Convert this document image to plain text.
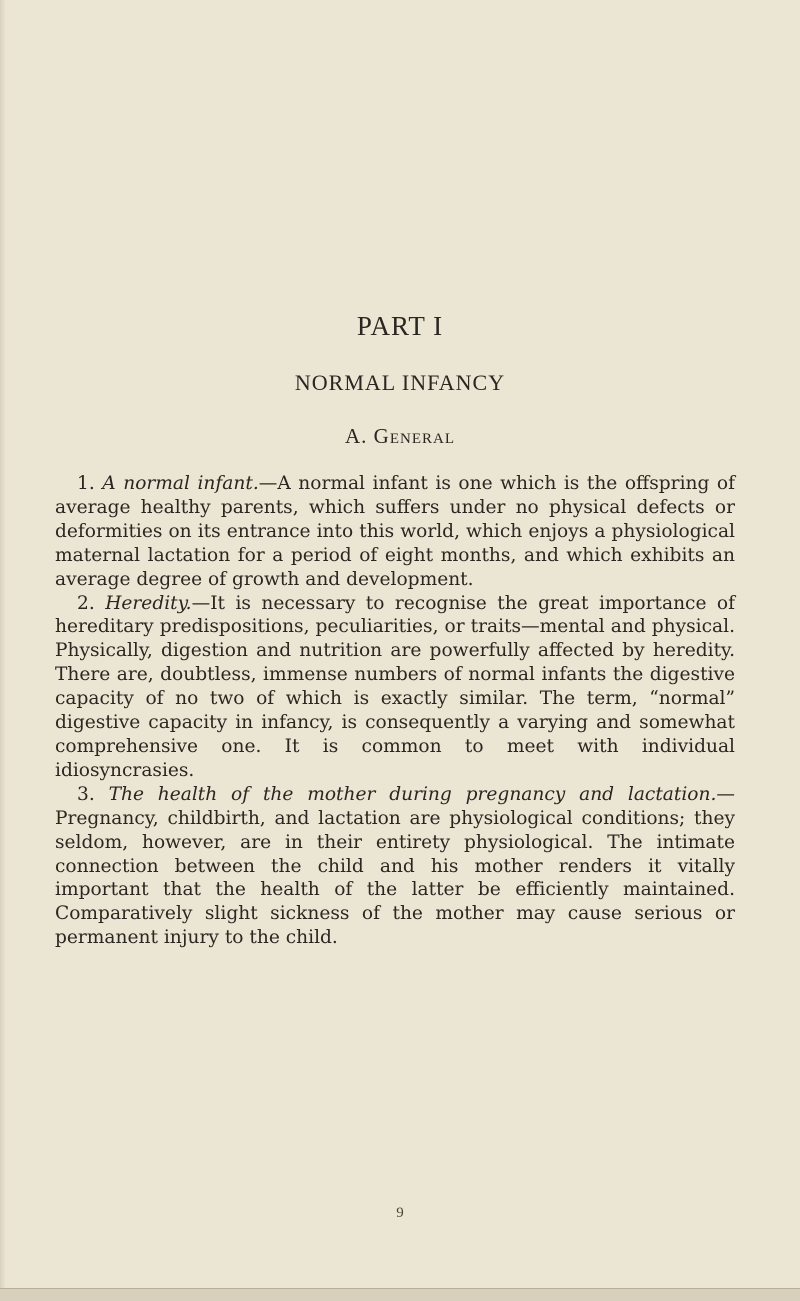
PART I
NORMAL INFANCY
A. General

1. A normal infant.—A normal infant is one which is the offspring of average healthy parents, which suffers under no physical defects or deformities on its entrance into this world, which enjoys a physiological maternal lactation for a period of eight months, and which exhibits an average degree of growth and development.

2. Heredity.—It is necessary to recognise the great importance of hereditary predispositions, peculiarities, or traits—mental and physical. Physically, digestion and nutrition are powerfully affected by heredity. There are, doubtless, immense numbers of normal infants the digestive capacity of no two of which is exactly similar. The term, “normal” digestive capacity in infancy, is consequently a varying and somewhat comprehensive one. It is common to meet with individual idiosyncrasies.

3. The health of the mother during pregnancy and lactation.— Pregnancy, childbirth, and lactation are physiological conditions; they seldom, however, are in their entirety physiological. The intimate connection between the child and his mother renders it vitally important that the health of the latter be efficiently maintained. Comparatively slight sickness of the mother may cause serious or permanent injury to the child.

9
